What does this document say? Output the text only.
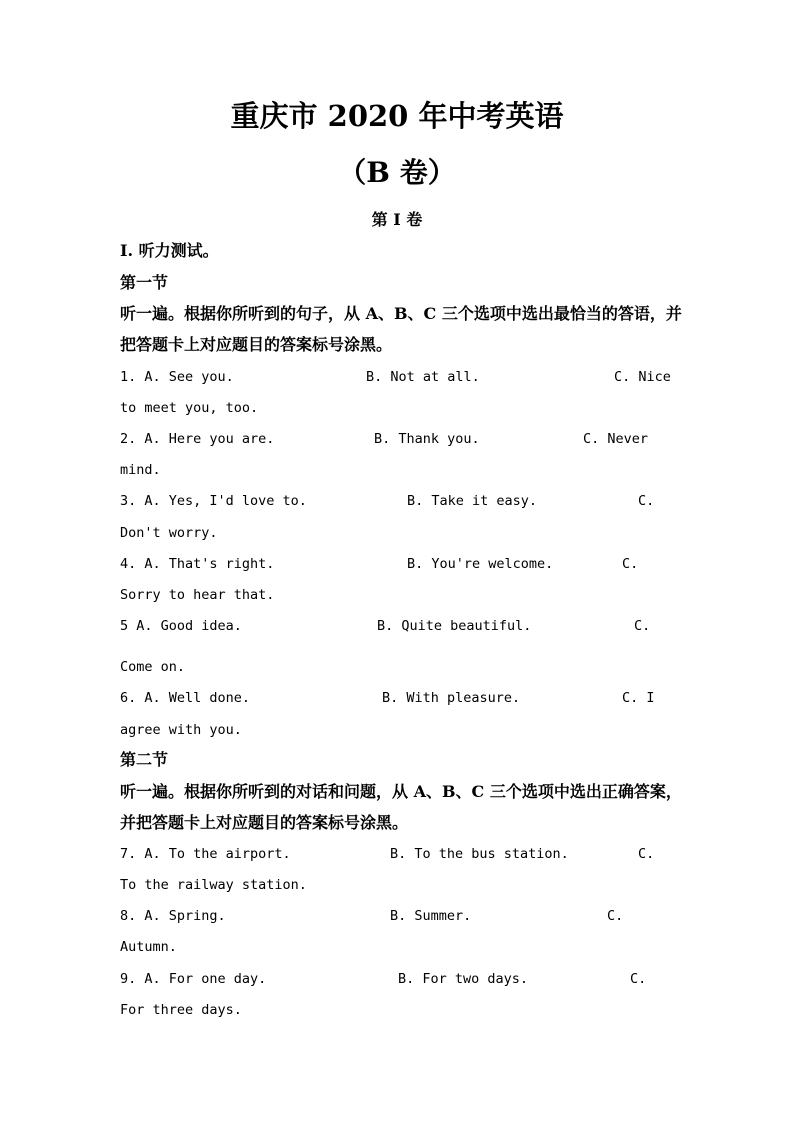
重庆市 2020 年中考英语
（B 卷）
第 I 卷
I. 听力测试。
第一节
听一遍。根据你所听到的句子，从 A、B、C 三个选项中选出最恰当的答语，并
把答题卡上对应题目的答案标号涂黑。
1. A. See you.	B. Not at all.	C. Nice
to meet you, too.
2. A. Here you are.	B. Thank you.	C. Never
mind.
3. A. Yes, I'd love to.	B. Take it easy.	C.
Don't worry.
4. A. That's right.	B. You're welcome.	C.
Sorry to hear that.
5 A. Good idea.	B. Quite beautiful.	C.
Come on.
6. A. Well done.	B. With pleasure.	C. I
agree with you.
第二节
听一遍。根据你所听到的对话和问题，从 A、B、C 三个选项中选出正确答案，
并把答题卡上对应题目的答案标号涂黑。
7. A. To the airport.	B. To the bus station.	C.
To the railway station.
8. A. Spring.	B. Summer.	C.
Autumn.
9. A. For one day.	B. For two days.	C.
For three days.
